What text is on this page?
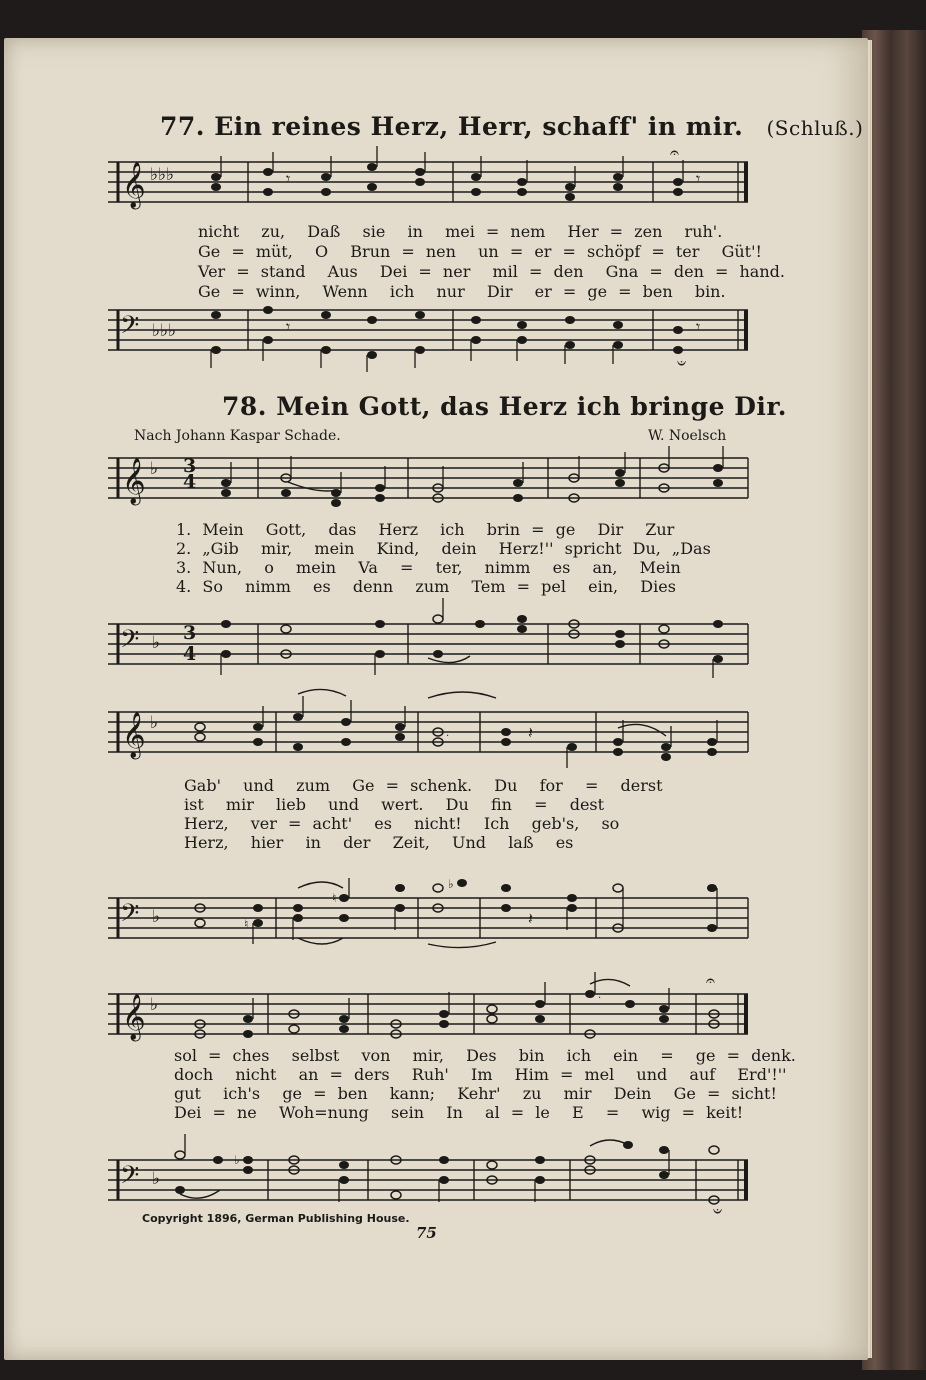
77. Ein reines Herz, Herr, schaff' in mir. (Schluß.)
𝄞 ♭♭♭	𝄾	𝄾
𝄐
nicht  zu,  Daß  sie  in  mei = nem  Her = zen  ruh'.
Ge = müt,  O  Brun = nen  un = er = schöpf = ter  Güt'!
Ver = stand  Aus  Dei = ner  mil = den  Gna = den = hand.
Ge = winn,  Wenn  ich  nur  Dir  er = ge = ben  bin.
𝄢 ♭♭♭	𝄾	𝄾
𝄐
78. Mein Gott, das Herz ich bringe Dir.
Nach Johann Kaspar Schade.	W. Noelsch
𝄞 ♭ 3
4
1. Mein  Gott,  das  Herz  ich  brin = ge  Dir  Zur
2. „Gib  mir,  mein  Kind,  dein  Herz!'' spricht Du, „Das
3. Nun,  o  mein  Va  =  ter,  nimm  es  an,  Mein
4. So  nimm  es  denn  zum  Tem = pel  ein,  Dies
𝄢 ♭ 3
4
𝄞 ♭
.	𝄽
Gab'  und  zum  Ge = schenk.  Du  for  =  derst
ist  mir  lieb  und  wert.  Du  fin  =  dest
Herz,  ver = acht'  es  nicht!  Ich  geb's,  so
Herz,  hier  in  der  Zeit,  Und  laß  es
𝄢 ♭	♮
♮
♭
𝄽
𝄞 ♭	.
𝄐
sol = ches  selbst  von  mir,  Des  bin  ich  ein  =  ge = denk.
doch  nicht  an = ders  Ruh'  Im  Him = mel  und  auf  Erd'!''
gut  ich's  ge = ben  kann;  Kehr'  zu  mir  Dein  Ge = sicht!
Dei = ne  Woh=nung  sein  In  al = le  E  =  wig = keit!
𝄢 ♭
♭
𝄐
Copyright 1896, German Publishing House.
75
